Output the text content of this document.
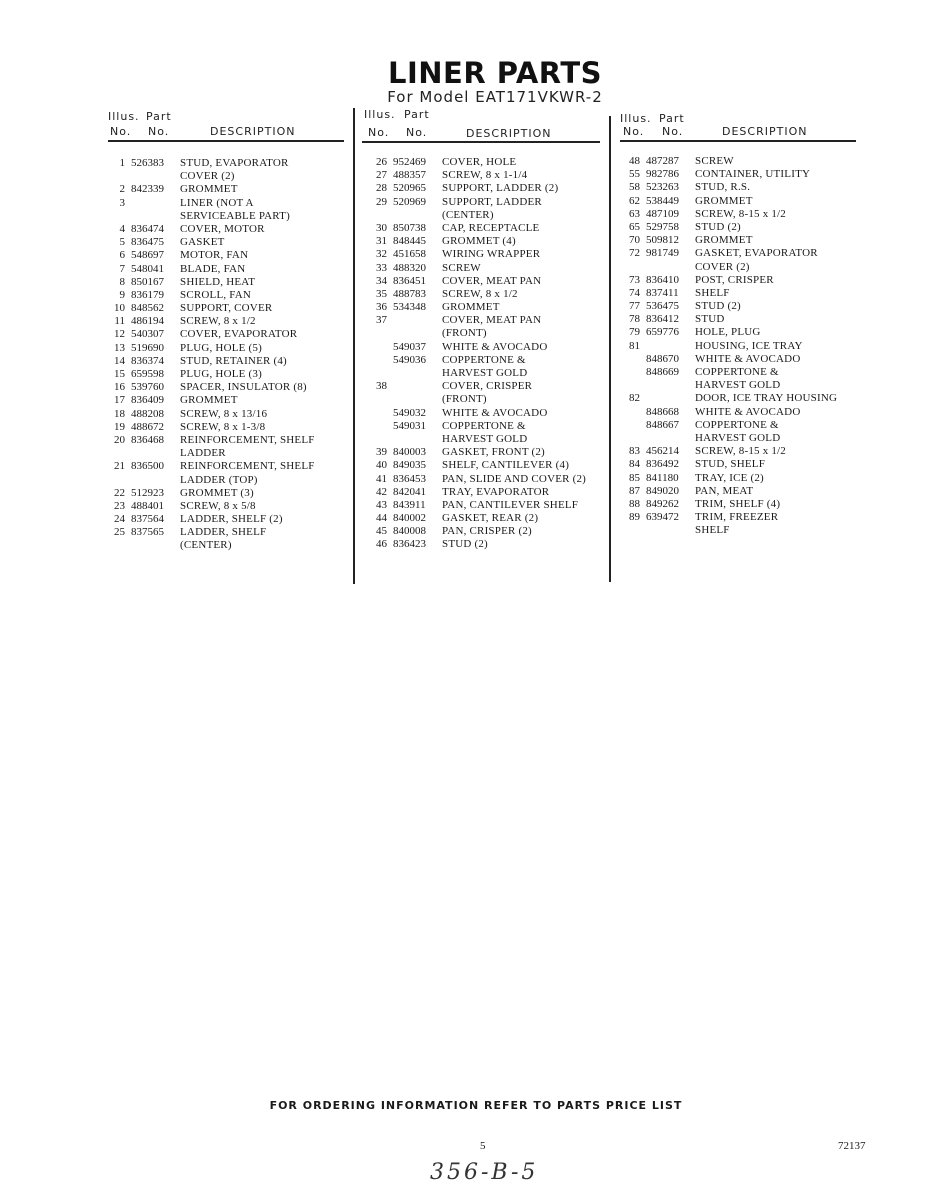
LINER PARTS
For Model EAT171VKWR-2
Illus. Part
No. No.	DESCRIPTION
Illus. Part
No. No.	DESCRIPTION
Illus. Part
No. No.	DESCRIPTION
1 526383 STUD, EVAPORATOR
COVER (2)
2 842339 GROMMET
3	LINER (NOT A
SERVICEABLE PART)
4 836474 COVER, MOTOR
5 836475 GASKET
6 548697 MOTOR, FAN
7 548041 BLADE, FAN
8 850167 SHIELD, HEAT
9 836179 SCROLL, FAN
10 848562 SUPPORT, COVER
11 486194 SCREW, 8 x 1/2
12 540307 COVER, EVAPORATOR
13 519690 PLUG, HOLE (5)
14 836374 STUD, RETAINER (4)
15 659598 PLUG, HOLE (3)
16 539760 SPACER, INSULATOR (8)
17 836409 GROMMET
18 488208 SCREW, 8 x 13/16
19 488672 SCREW, 8 x 1-3/8
20 836468 REINFORCEMENT, SHELF
LADDER
21 836500 REINFORCEMENT, SHELF
LADDER (TOP)
22 512923 GROMMET (3)
23 488401 SCREW, 8 x 5/8
24 837564 LADDER, SHELF (2)
25 837565 LADDER, SHELF
(CENTER)
26 952469 COVER, HOLE
27 488357 SCREW, 8 x 1-1/4
28 520965 SUPPORT, LADDER (2)
29 520969 SUPPORT, LADDER
(CENTER)
30 850738 CAP, RECEPTACLE
31 848445 GROMMET (4)
32 451658 WIRING WRAPPER
33 488320 SCREW
34 836451 COVER, MEAT PAN
35 488783 SCREW, 8 x 1/2
36 534348 GROMMET
37	COVER, MEAT PAN
(FRONT)
549037 WHITE & AVOCADO
549036 COPPERTONE &
HARVEST GOLD
38	COVER, CRISPER
(FRONT)
549032 WHITE & AVOCADO
549031 COPPERTONE &
HARVEST GOLD
39 840003 GASKET, FRONT (2)
40 849035 SHELF, CANTILEVER (4)
41 836453 PAN, SLIDE AND COVER (2)
42 842041 TRAY, EVAPORATOR
43 843911 PAN, CANTILEVER SHELF
44 840002 GASKET, REAR (2)
45 840008 PAN, CRISPER (2)
46 836423 STUD (2)
48 487287 SCREW
55 982786 CONTAINER, UTILITY
58 523263 STUD, R.S.
62 538449 GROMMET
63 487109 SCREW, 8-15 x 1/2
65 529758 STUD (2)
70 509812 GROMMET
72 981749 GASKET, EVAPORATOR
COVER (2)
73 836410 POST, CRISPER
74 837411 SHELF
77 536475 STUD (2)
78 836412 STUD
79 659776 HOLE, PLUG
81	HOUSING, ICE TRAY
848670 WHITE & AVOCADO
848669 COPPERTONE &
HARVEST GOLD
82	DOOR, ICE TRAY HOUSING
848668 WHITE & AVOCADO
848667 COPPERTONE &
HARVEST GOLD
83 456214 SCREW, 8-15 x 1/2
84 836492 STUD, SHELF
85 841180 TRAY, ICE (2)
87 849020 PAN, MEAT
88 849262 TRIM, SHELF (4)
89 639472 TRIM, FREEZER
SHELF
FOR ORDERING INFORMATION REFER TO PARTS PRICE LIST
5	72137
356-B-5
